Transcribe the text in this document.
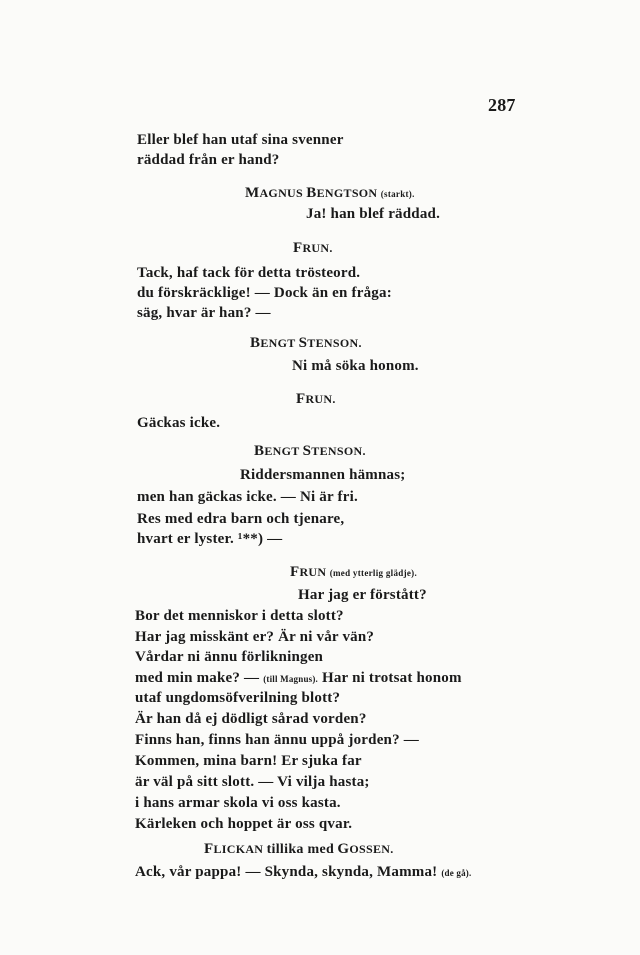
287
Eller blef han utaf sina svenner
räddad från er hand?
MAGNUS BENGTSON (starkt).
Ja! han blef räddad.
FRUN.
Tack, haf tack för detta trösteord.
du förskräcklige! — Dock än en fråga:
säg, hvar är han? —
BENGT STENSON.
Ni må söka honom.
FRUN.
Gäckas icke.
BENGT STENSON.
Riddersmannen hämnas;
men han gäckas icke. — Ni är fri.
Res med edra barn och tjenare,
hvart er lyster. ¹**) —
FRUN (med ytterlig glädje).
Har jag er förstått?
Bor det menniskor i detta slott?
Har jag misskänt er? Är ni vår vän?
Vårdar ni ännu förlikningen
med min make? — (till Magnus). Har ni trotsat honom
utaf ungdomsöfverilning blott?
Är han då ej dödligt sårad vorden?
Finns han, finns han ännu uppå jorden? —
Kommen, mina barn! Er sjuka far
är väl på sitt slott. — Vi vilja hasta;
i hans armar skola vi oss kasta.
Kärleken och hoppet är oss qvar.
FLICKAN tillika med GOSSEN.
Ack, vår pappa! — Skynda, skynda, Mamma! (de gå).
